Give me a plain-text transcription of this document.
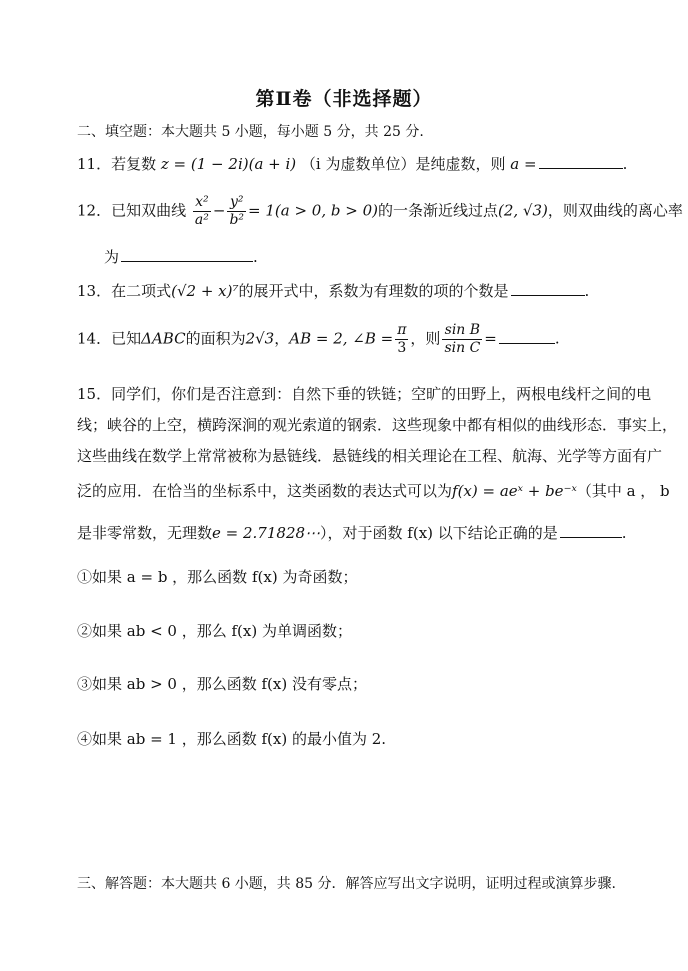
第Ⅱ卷（非选择题）
二、填空题：本大题共 5 小题，每小题 5 分，共 25 分.
11．若复数 z = (1 − 2i)(a + i) （i 为虚数单位）是纯虚数，则 a =	.
12．已知双曲线 $\frac{\text{x²}}{\text{a²}} - \frac{\text{y²}}{\text{b²}} = 1(a > 0$, b > 0)的一条渐近线过点(2, √3)，则双曲线的离心率
为	.
13．在二项式(√2 + x)⁷的展开式中，系数为有理数的项的个数是	.
14．已知ΔABC的面积为2√3，AB = 2, ∠B = $\frac{\pi}{3}$ ，则 $\frac{\text{sin B}}{\text{sin C}}$ =	.
15．同学们，你们是否注意到：自然下垂的铁链；空旷的田野上，两根电线杆之间的电
线；峡谷的上空，横跨深涧的观光索道的钢索．这些现象中都有相似的曲线形态．事实上，
这些曲线在数学上常常被称为悬链线．悬链线的相关理论在工程、航海、光学等方面有广
泛的应用．在恰当的坐标系中，这类函数的表达式可以为f(x) = aeˣ + be⁻ˣ（其中 a ， b
是非零常数，无理数e = 2.71828⋯），对于函数 f(x) 以下结论正确的是	.
①如果 a = b ，那么函数 f(x) 为奇函数；
②如果 ab < 0 ，那么 f(x) 为单调函数；
③如果 ab > 0 ，那么函数 f(x) 没有零点；
④如果 ab = 1 ，那么函数 f(x) 的最小值为 2.
三、解答题：本大题共 6 小题，共 85 分．解答应写出文字说明，证明过程或演算步骤.
